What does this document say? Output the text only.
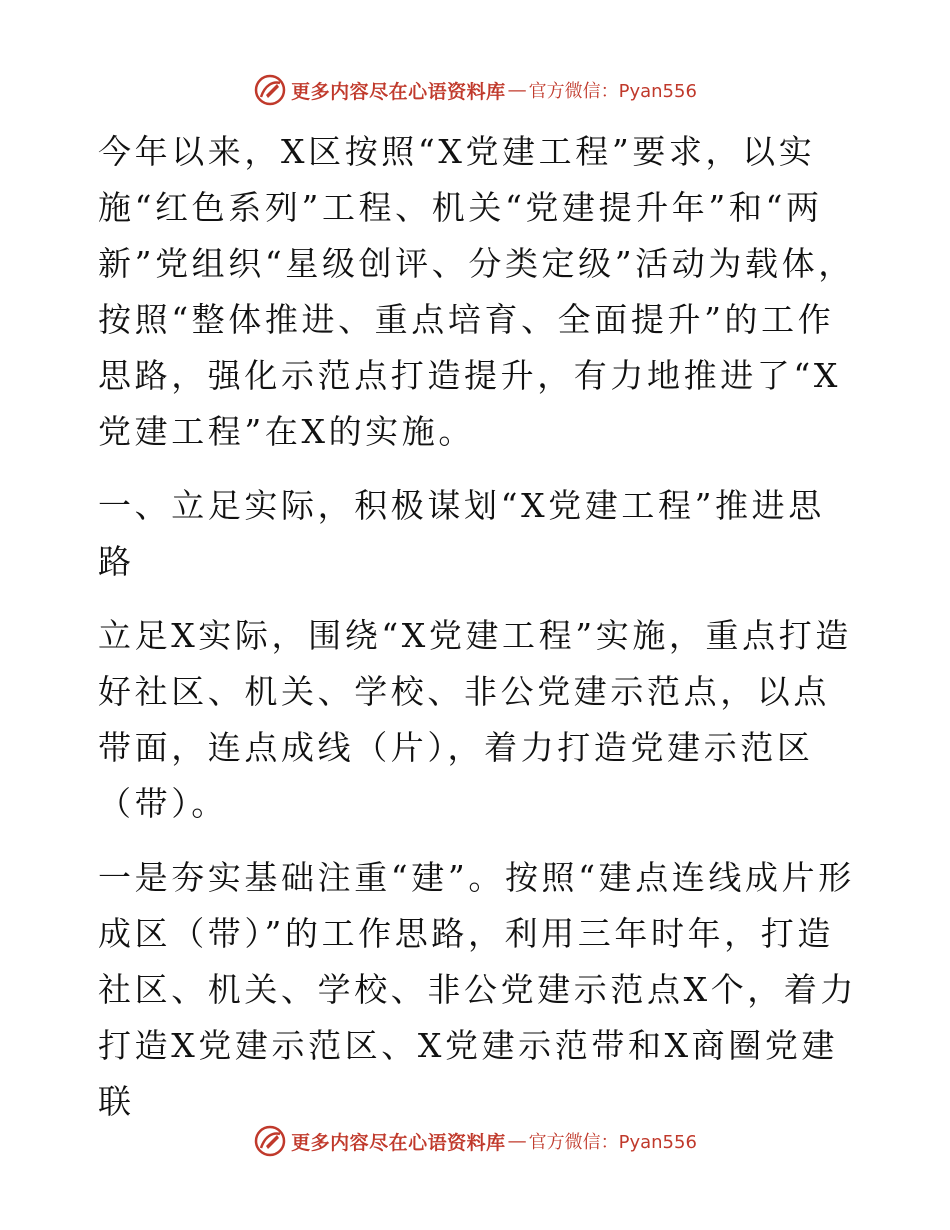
更多内容尽在心语资料库 — 官方微信：Pyan556

今年以来，X区按照“X党建工程”要求，以实施“红色系列”工程、机关“党建提升年”和“两新”党组织“星级创评、分类定级”活动为载体，按照“整体推进、重点培育、全面提升”的工作思路，强化示范点打造提升，有力地推进了“X党建工程”在X的实施。

一、立足实际，积极谋划“X党建工程”推进思路

立足X实际，围绕“X党建工程”实施，重点打造好社区、机关、学校、非公党建示范点，以点带面，连点成线（片），着力打造党建示范区（带）。

一是夯实基础注重“建”。按照“建点连线成片形成区（带）”的工作思路，利用三年时年，打造社区、机关、学校、非公党建示范点X个，着力打造X党建示范区、X党建示范带和X商圈党建联

更多内容尽在心语资料库 — 官方微信：Pyan556
